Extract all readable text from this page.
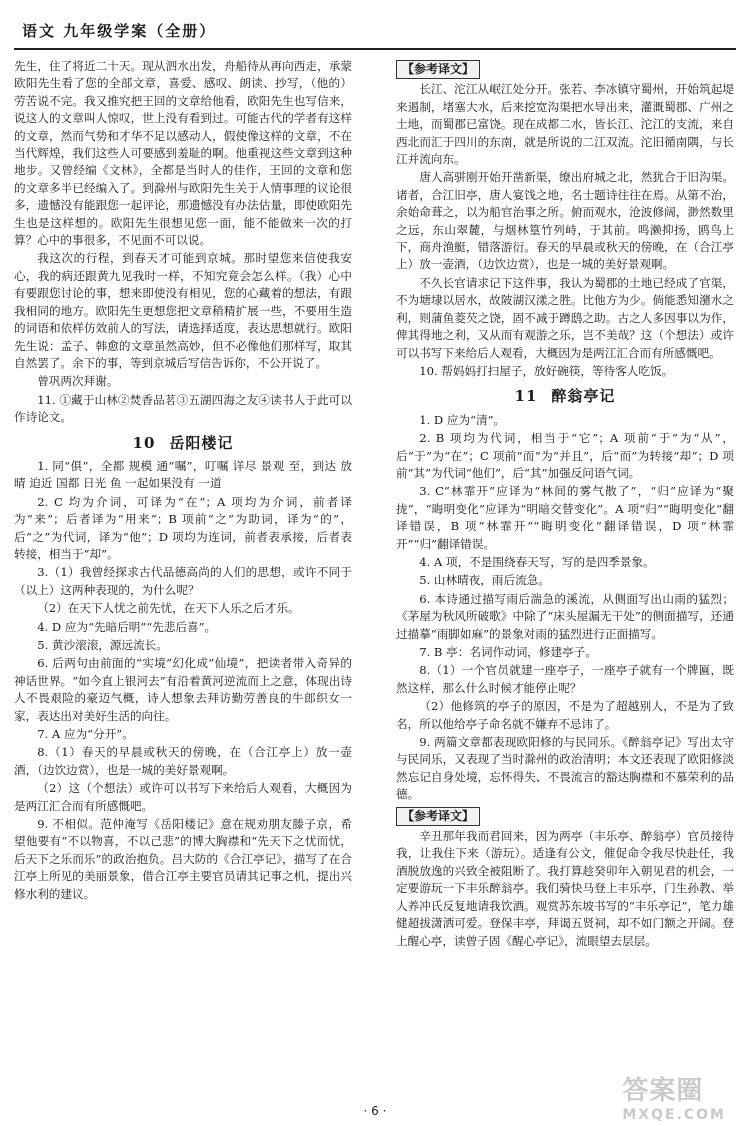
语文 九年级学案（全册）

先生，住了将近二十天。现从泗水出发，舟船待从再向西走，承蒙欧阳先生看了您的全部文章，喜爱、感叹、朗读、抄写，（他的）劳苦说不完。我又推究把王回的文章给他看，欧阳先生也写信来，说这人的文章叫人惊叹，世上没有看到过。可能古代的学者有这样的文章，然而气势和才华不足以感动人，假使像这样的文章，不在当代辉煌，我们这些人可要感到羞耻的啊。他重视这些文章到这种地步。又曾经编《文林》，全都是当时人的佳作，王回的文章和您的文章多半已经编入了。到滁州与欧阳先生关于人情事理的议论很多，遗憾没有能跟您一起评论，那遗憾没有办法估量，即使欧阳先生也是这样想的。欧阳先生很想见您一面，能不能做来一次的打算？心中的事很多，不见面不可以说。

我这次的行程，到春天才可能到京城。那时望您来信使我安心，我的病还跟黄九见我时一样，不知究竟会怎么样。（我）心中有要跟您讨论的事，想来即使没有相见，您的心藏着的想法，有跟我相同的地方。欧阳先生更想您把文章稍精扩展一些，不要用生造的词语和依样仿效前人的写法，请选择适度，表达思想就行。欧阳先生说：孟子、韩愈的文章虽然高妙，但不必像他们那样写，取其自然罢了。余下的事，等到京城后写信告诉你，不公开说了。

曾巩两次拜谢。

11. ①藏于山林②焚香品茗③五湖四海之友④读书人于此可以作诗论文。

10 岳阳楼记

1. 同“俱”，全都 规模 通“嘱”，叮嘱 详尽 景观 至，到达 放晴 迫近 国都 日光 鱼 一起如果没有 一道

2. C 均为介词，可译为“在”；A 项均为介词，前者译为“来”；后者译为“用来”；B 项前“之”为助词，译为“的”，后“之”为代词，译为“他”；D 项均为连词，前者表承接，后者表转接，相当于“却”。

3.（1）我曾经探求古代品德高尚的人们的思想，或许不同于（以上）这两种表现的，为什么呢？

（2）在天下人忧之前先忧，在天下人乐之后才乐。

4. D 应为“先暗后明”“先悲后喜”。

5. 黄沙滚滚，源远流长。

6. 后两句由前面的“实境”幻化成“仙境”，把读者带入奇异的神话世界。“如今直上银河去”有沿着黄河逆流而上之意，体现出诗人不畏艰险的豪迈气概，诗人想象去拜访勤劳善良的牛郎织女一家，表达出对美好生活的向往。

7. A 应为“分开”。

8.（1）春天的早晨或秋天的傍晚，在（合江亭上）放一壶酒，（边饮边赏），也是一城的美好景观啊。

（2）这（个想法）或许可以书写下来给后人观看，大概因为是两江汇合而有所感慨吧。

9. 不相似。范仲淹写《岳阳楼记》意在规劝朋友滕子京，希望他要有“不以物喜，不以己悲”的博大胸襟和“先天下之忧而忧，后天下之乐而乐”的政治抱负。吕大防的《合江亭记》，描写了在合江亭上所见的美丽景象，借合江亭主要官员请其记事之机，提出兴修水利的建议。

【参考译文】

长江、沱江从岷江处分开。张若、李冰镇守蜀州，开始筑起堤来遏制，堵塞大水，后来挖宽沟渠把水导出来，灌溉蜀郡、广州之土地，而蜀郡已富饶。现在成都二水，皆长江、沱江的支流，来自西北而汇于四川的东南，就是所说的二江双流。沱旧循南隅，与长江并流向东。

唐人高骈刚开始开凿新渠，缭出府城之北，然犹合于旧沟渠。诸者，合江旧亭，唐人宴饯之地，名士题诗往往在焉。从第不治，余始命葺之，以为船官治事之所。俯而观水，沧波修阔，渺然数里之远，东山翠麓，与烟林篁竹列峙，于其前。鸣濑抑扬，鸥鸟上下，商舟渔艇，错落游衍。春天的早晨或秋天的傍晚，在（合江亭上）放一壶酒，（边饮边赏），也是一城的美好景观啊。

不久长官请求记下这件事，我认为蜀郡的土地已经成了官渠，不为塘埭以居水，故陂湖汉漾之胜。比他方为少。倘能悉知潴水之利，则蒲鱼菱芡之饶，固不减于蹲鸱之助。古之人多因事以为作，俾其得地之利，又从而有观游之乐，岂不美哉？这（个想法）或许可以书写下来给后人观看，大概因为是两江汇合而有所感慨吧。

10. 帮妈妈打扫屋子，放好碗筷，等待客人吃饭。

11 醉翁亭记

1. D 应为“清”。

2. B 项均为代词，相当于“它”；A 项前“于”为“从”，后“于”为“在”；C 项前“而”为“并且”，后“而”为转接“却”；D 项前“其”为代词“他们”，后“其”加强反问语气词。

3. C“林霏开”应译为“林间的雾气散了”，“归”应译为“聚拢”，“晦明变化”应译为“明暗交替变化”。A 项“归”“晦明变化”翻译错误，B 项“林霏开”“晦明变化”翻译错误，D 项“林霏开”“归”翻译错误。

4. A 项，不是围绕春天写，写的是四季景象。

5. 山林晴夜，雨后流急。

6. 本诗通过描写雨后湍急的溪流，从侧面写出山雨的猛烈；《茅屋为秋风所破歌》中除了“床头屋漏无干处”的侧面描写，还通过描摹“雨脚如麻”的景象对雨的猛烈进行正面描写。

7. B 亭：名词作动词，修建亭子。

8.（1）一个官员就建一座亭子，一座亭子就有一个牌匾，既然这样，那么什么时候才能停止呢？

（2）他修筑的亭子的原因，不是为了超越别人，不是为了致名，所以他给亭子命名就不嫌弃不忌讳了。

9. 两篇文章都表现欧阳修的与民同乐。《醉翁亭记》写出太守与民同乐，又表现了当时滁州的政治清明；本文还表现了欧阳修淡然忘记自身处境，忘怀得失、不畏流言的豁达胸襟和不慕荣利的品德。

【参考译文】

辛丑那年我而君回来，因为两亭（丰乐亭、醉翁亭）官员接待我，让我住下来（游玩）。适逢有公文，催促命令我尽快赴任，我酒脱放逸的兴致全被阻断了。我打算趁癸卯年入朝见君的机会，一定要游玩一下丰乐醉翁亭。我们骑快马登上丰乐亭，门生孙教、举人养冲氏反复地请我饮酒。观赏苏东坡书写的“丰乐亭记”，笔力雄健超拔潇洒可爱。登保丰亭，拜谒五贤祠，却不如门额之开阔。登上醒心亭，读曾子固《醒心亭记》，流眼望去层层。

· 6 ·
答案圈
MXQE.COM
